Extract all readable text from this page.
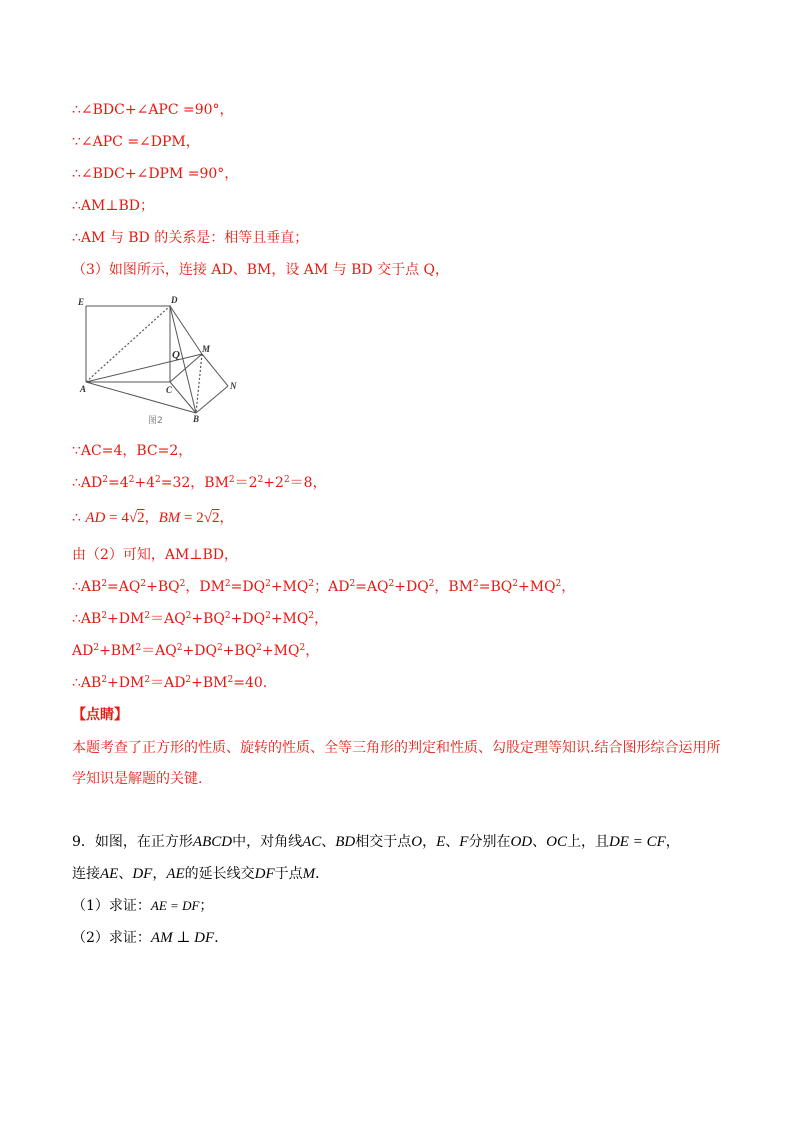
∴∠BDC+∠APC =90°，
∵∠APC =∠DPM，
∴∠BDC+∠DPM =90°，
∴AM⊥BD；
∴AM 与 BD 的关系是：相等且垂直；
（3）如图所示，连接 AD、BM，设 AM 与 BD 交于点 Q，
E	D
Q M
A	C	N
B
图2
∵AC=4，BC=2，
$\therefore AD^2=4^2+4^2=32$，$BM^2=2^2+2^2=8$，
∴ AD = 4√2，BM = 2√2，
由（2）可知，AM⊥BD，
$\therefore AB^2=AQ^2+BQ^2$，$DM^2=DQ^2+MQ^2$；$AD^2=AQ^2+DQ^2$，$BM^2=BQ^2+MQ^2$，
$\therefore AB^2+DM^2=AQ^2+BQ^2+DQ^2+MQ^2$，
$AD^2+BM^2=AQ^2+DQ^2+BQ^2+MQ^2$，
$\therefore AB^2+DM^2=AD^2+BM^2=40$.
【点睛】
本题考查了正方形的性质、旋转的性质、全等三角形的判定和性质、勾股定理等知识.结合图形综合运用所学知识是解题的关键.
9．如图，在正方形ABCD中，对角线AC、BD相交于点O，E、F分别在OD、OC上，且DE = CF，
连接AE、DF，AE的延长线交DF于点M．
（1）求证：AE = DF；
（2）求证：AM ⊥ DF．
